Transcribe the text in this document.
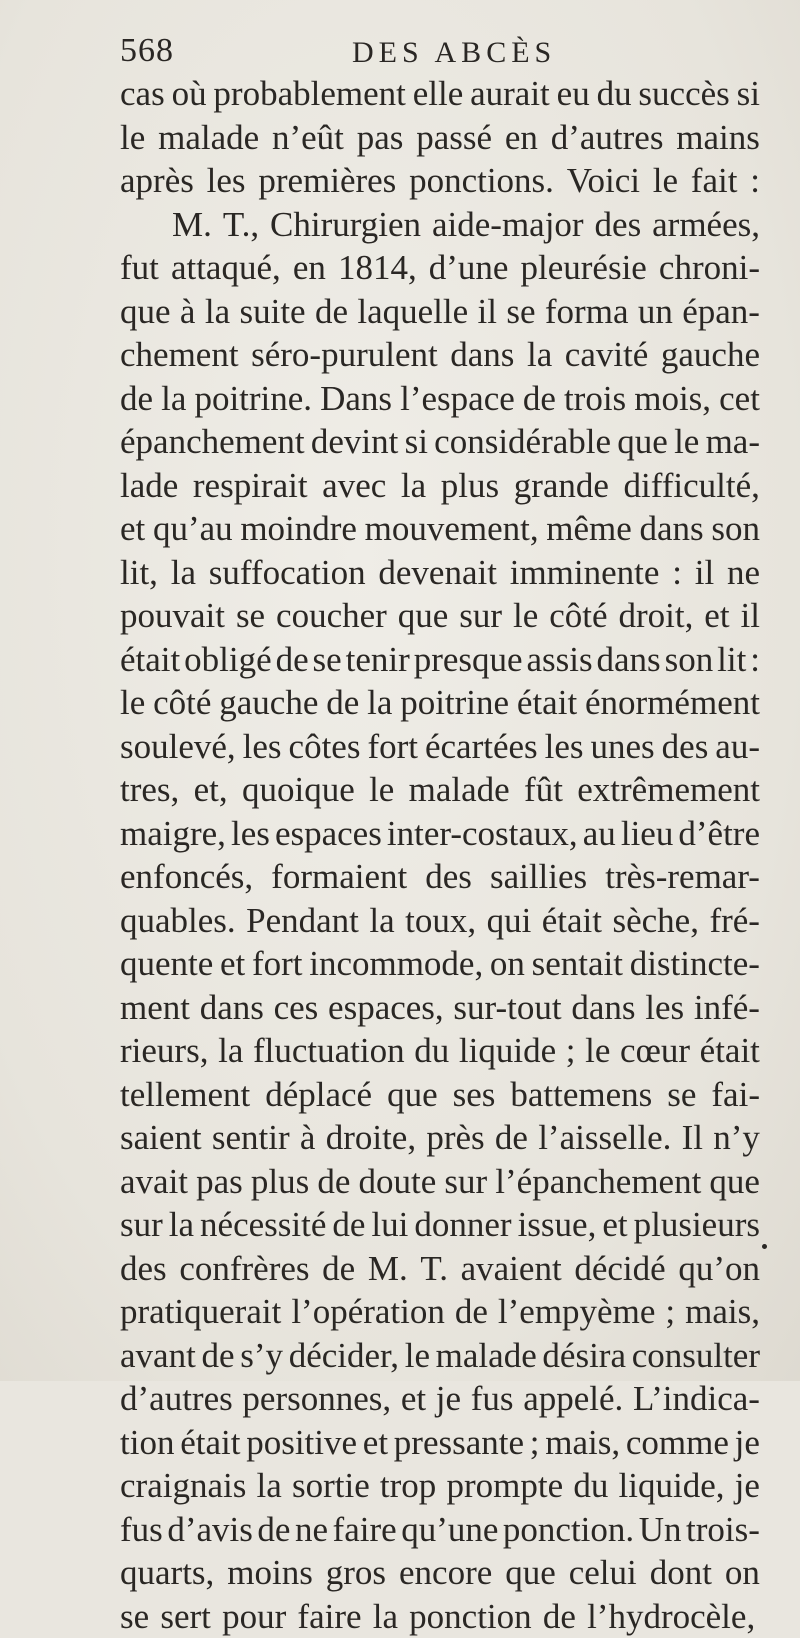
568	DES ABCÈS
cas où probablement elle aurait eu du succès si
le malade n’eût pas passé en d’autres mains
après les premières ponctions. Voici le fait :
M. T., Chirurgien aide-major des armées,
fut attaqué, en 1814, d’une pleurésie chroni-
que à la suite de laquelle il se forma un épan-
chement séro-purulent dans la cavité gauche
de la poitrine. Dans l’espace de trois mois, cet
épanchement devint si considérable que le ma-
lade respirait avec la plus grande difficulté,
et qu’au moindre mouvement, même dans son
lit, la suffocation devenait imminente : il ne
pouvait se coucher que sur le côté droit, et il
était obligé de se tenir presque assis dans son lit :
le côté gauche de la poitrine était énormément
soulevé, les côtes fort écartées les unes des au-
tres, et, quoique le malade fût extrêmement
maigre, les espaces inter-costaux, au lieu d’être
enfoncés, formaient des saillies très-remar-
quables. Pendant la toux, qui était sèche, fré-
quente et fort incommode, on sentait distincte-
ment dans ces espaces, sur-tout dans les infé-
rieurs, la fluctuation du liquide ; le cœur était
tellement déplacé que ses battemens se fai-
saient sentir à droite, près de l’aisselle. Il n’y
avait pas plus de doute sur l’épanchement que
sur la nécessité de lui donner issue, et plusieurs
des confrères de M. T. avaient décidé qu’on
pratiquerait l’opération de l’empyème ; mais,
avant de s’y décider, le malade désira consulter
d’autres personnes, et je fus appelé. L’indica-
tion était positive et pressante ; mais, comme je
craignais la sortie trop prompte du liquide, je
fus d’avis de ne faire qu’une ponction. Un trois-
quarts, moins gros encore que celui dont on
se sert pour faire la ponction de l’hydrocèle,
